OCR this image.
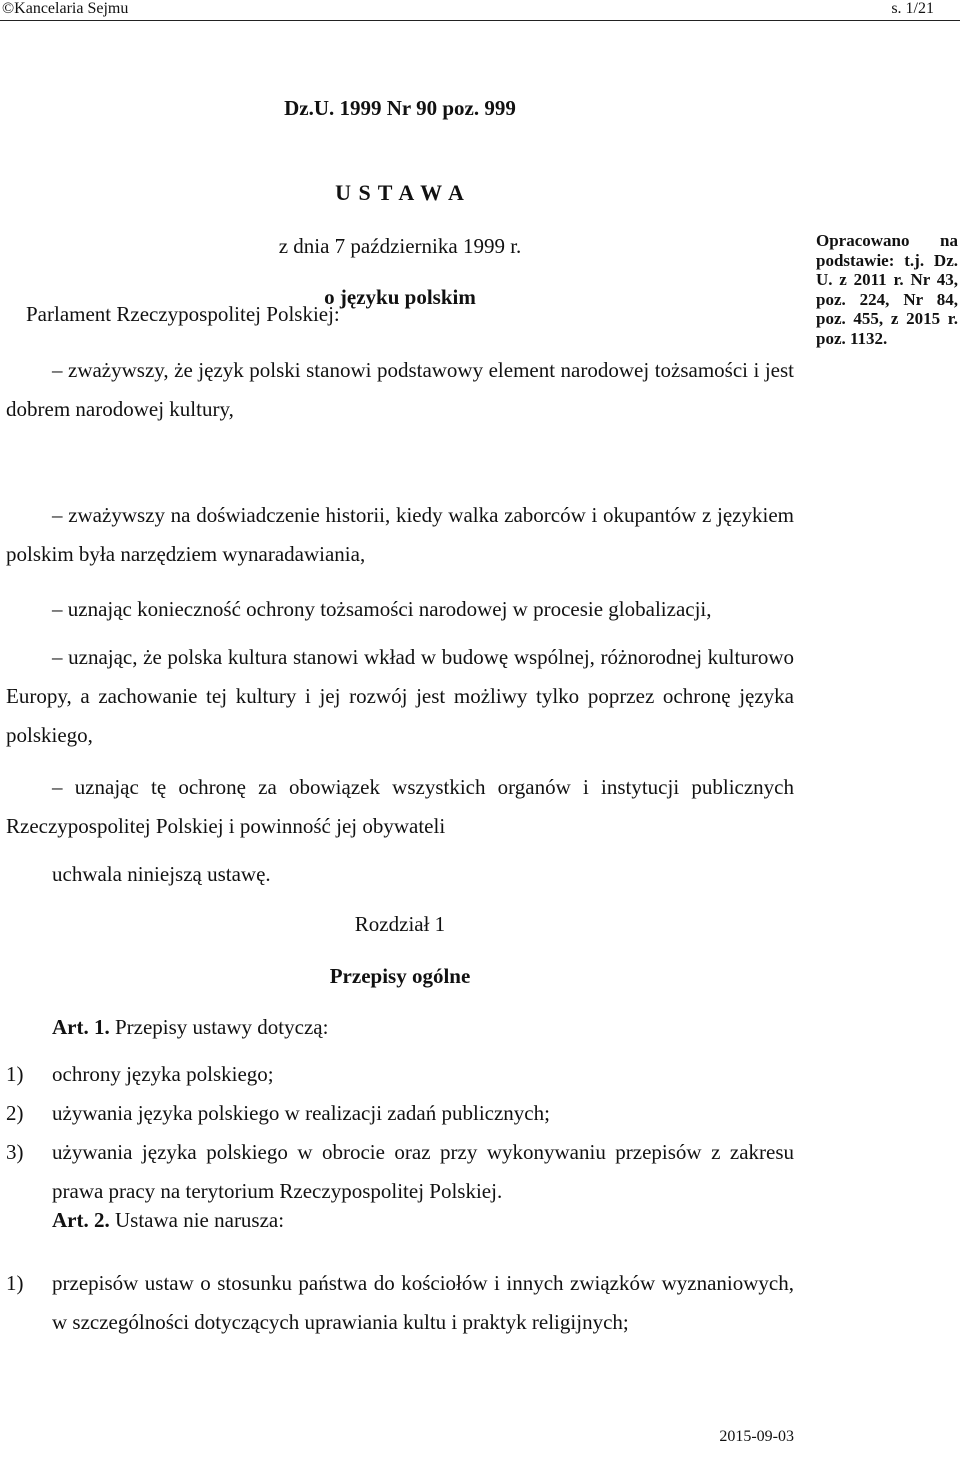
©Kancelaria Sejmu	s. 1/21
Dz.U. 1999 Nr 90 poz. 999
U S T A W A
z dnia 7 października 1999 r.
o języku polskim
Opracowano na podstawie: t.j. Dz. U. z 2011 r. Nr 43, poz. 224, Nr 84, poz. 455, z 2015 r. poz. 1132.
Parlament Rzeczypospolitej Polskiej:
– zważywszy, że język polski stanowi podstawowy element narodowej tożsamości i jest dobrem narodowej kultury,
– zważywszy na doświadczenie historii, kiedy walka zaborców i okupantów z językiem polskim była narzędziem wynaradawiania,
– uznając konieczność ochrony tożsamości narodowej w procesie globalizacji,
– uznając, że polska kultura stanowi wkład w budowę wspólnej, różnorodnej kulturowo Europy, a zachowanie tej kultury i jej rozwój jest możliwy tylko poprzez ochronę języka polskiego,
– uznając tę ochronę za obowiązek wszystkich organów i instytucji publicznych Rzeczypospolitej Polskiej i powinność jej obywateli
uchwala niniejszą ustawę.
Rozdział 1
Przepisy ogólne
Art. 1. Przepisy ustawy dotyczą:
1) ochrony języka polskiego;
2) używania języka polskiego w realizacji zadań publicznych;
3) używania języka polskiego w obrocie oraz przy wykonywaniu przepisów z zakresu prawa pracy na terytorium Rzeczypospolitej Polskiej.
Art. 2. Ustawa nie narusza:
1) przepisów ustaw o stosunku państwa do kościołów i innych związków wyznaniowych, w szczególności dotyczących uprawiania kultu i praktyk religijnych;
2015-09-03
